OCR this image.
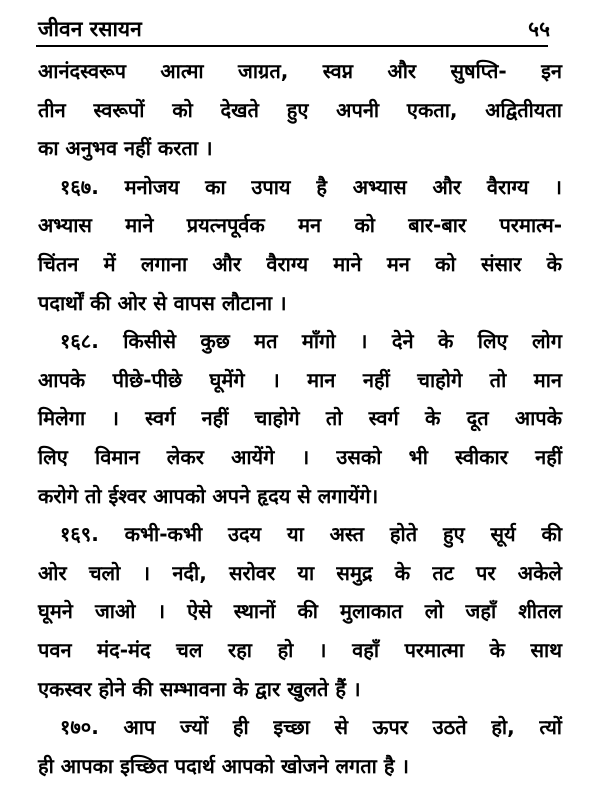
जीवन रसायन	५५
आनंदस्वरूप आत्मा जाग्रत, स्वप्न और सुषप्ति- इन
तीन स्वरूपों को देखते हुए अपनी एकता, अद्वितीयता
का अनुभव नहीं करता ।
१६७. मनोजय का उपाय है अभ्यास और वैराग्य ।
अभ्यास माने प्रयत्नपूर्वक मन को बार-बार परमात्म-
चिंतन में लगाना और वैराग्य माने मन को संसार के
पदार्थों की ओर से वापस लौटाना ।
१६८. किसीसे कुछ मत माँगो । देने के लिए लोग
आपके पीछे-पीछे घूमेंगे । मान नहीं चाहोगे तो मान
मिलेगा । स्वर्ग नहीं चाहोगे तो स्वर्ग के दूत आपके
लिए विमान लेकर आयेंगे । उसको भी स्वीकार नहीं
करोगे तो ईश्वर आपको अपने हृदय से लगायेंगे।
१६९. कभी-कभी उदय या अस्त होते हुए सूर्य की
ओर चलो । नदी, सरोवर या समुद्र के तट पर अकेले
घूमने जाओ । ऐसे स्थानों की मुलाकात लो जहाँ शीतल
पवन मंद-मंद चल रहा हो । वहाँ परमात्मा के साथ
एकस्वर होने की सम्भावना के द्वार खुलते हैं ।
१७०. आप ज्यों ही इच्छा से ऊपर उठते हो, त्यों
ही आपका इच्छित पदार्थ आपको खोजने लगता है ।
